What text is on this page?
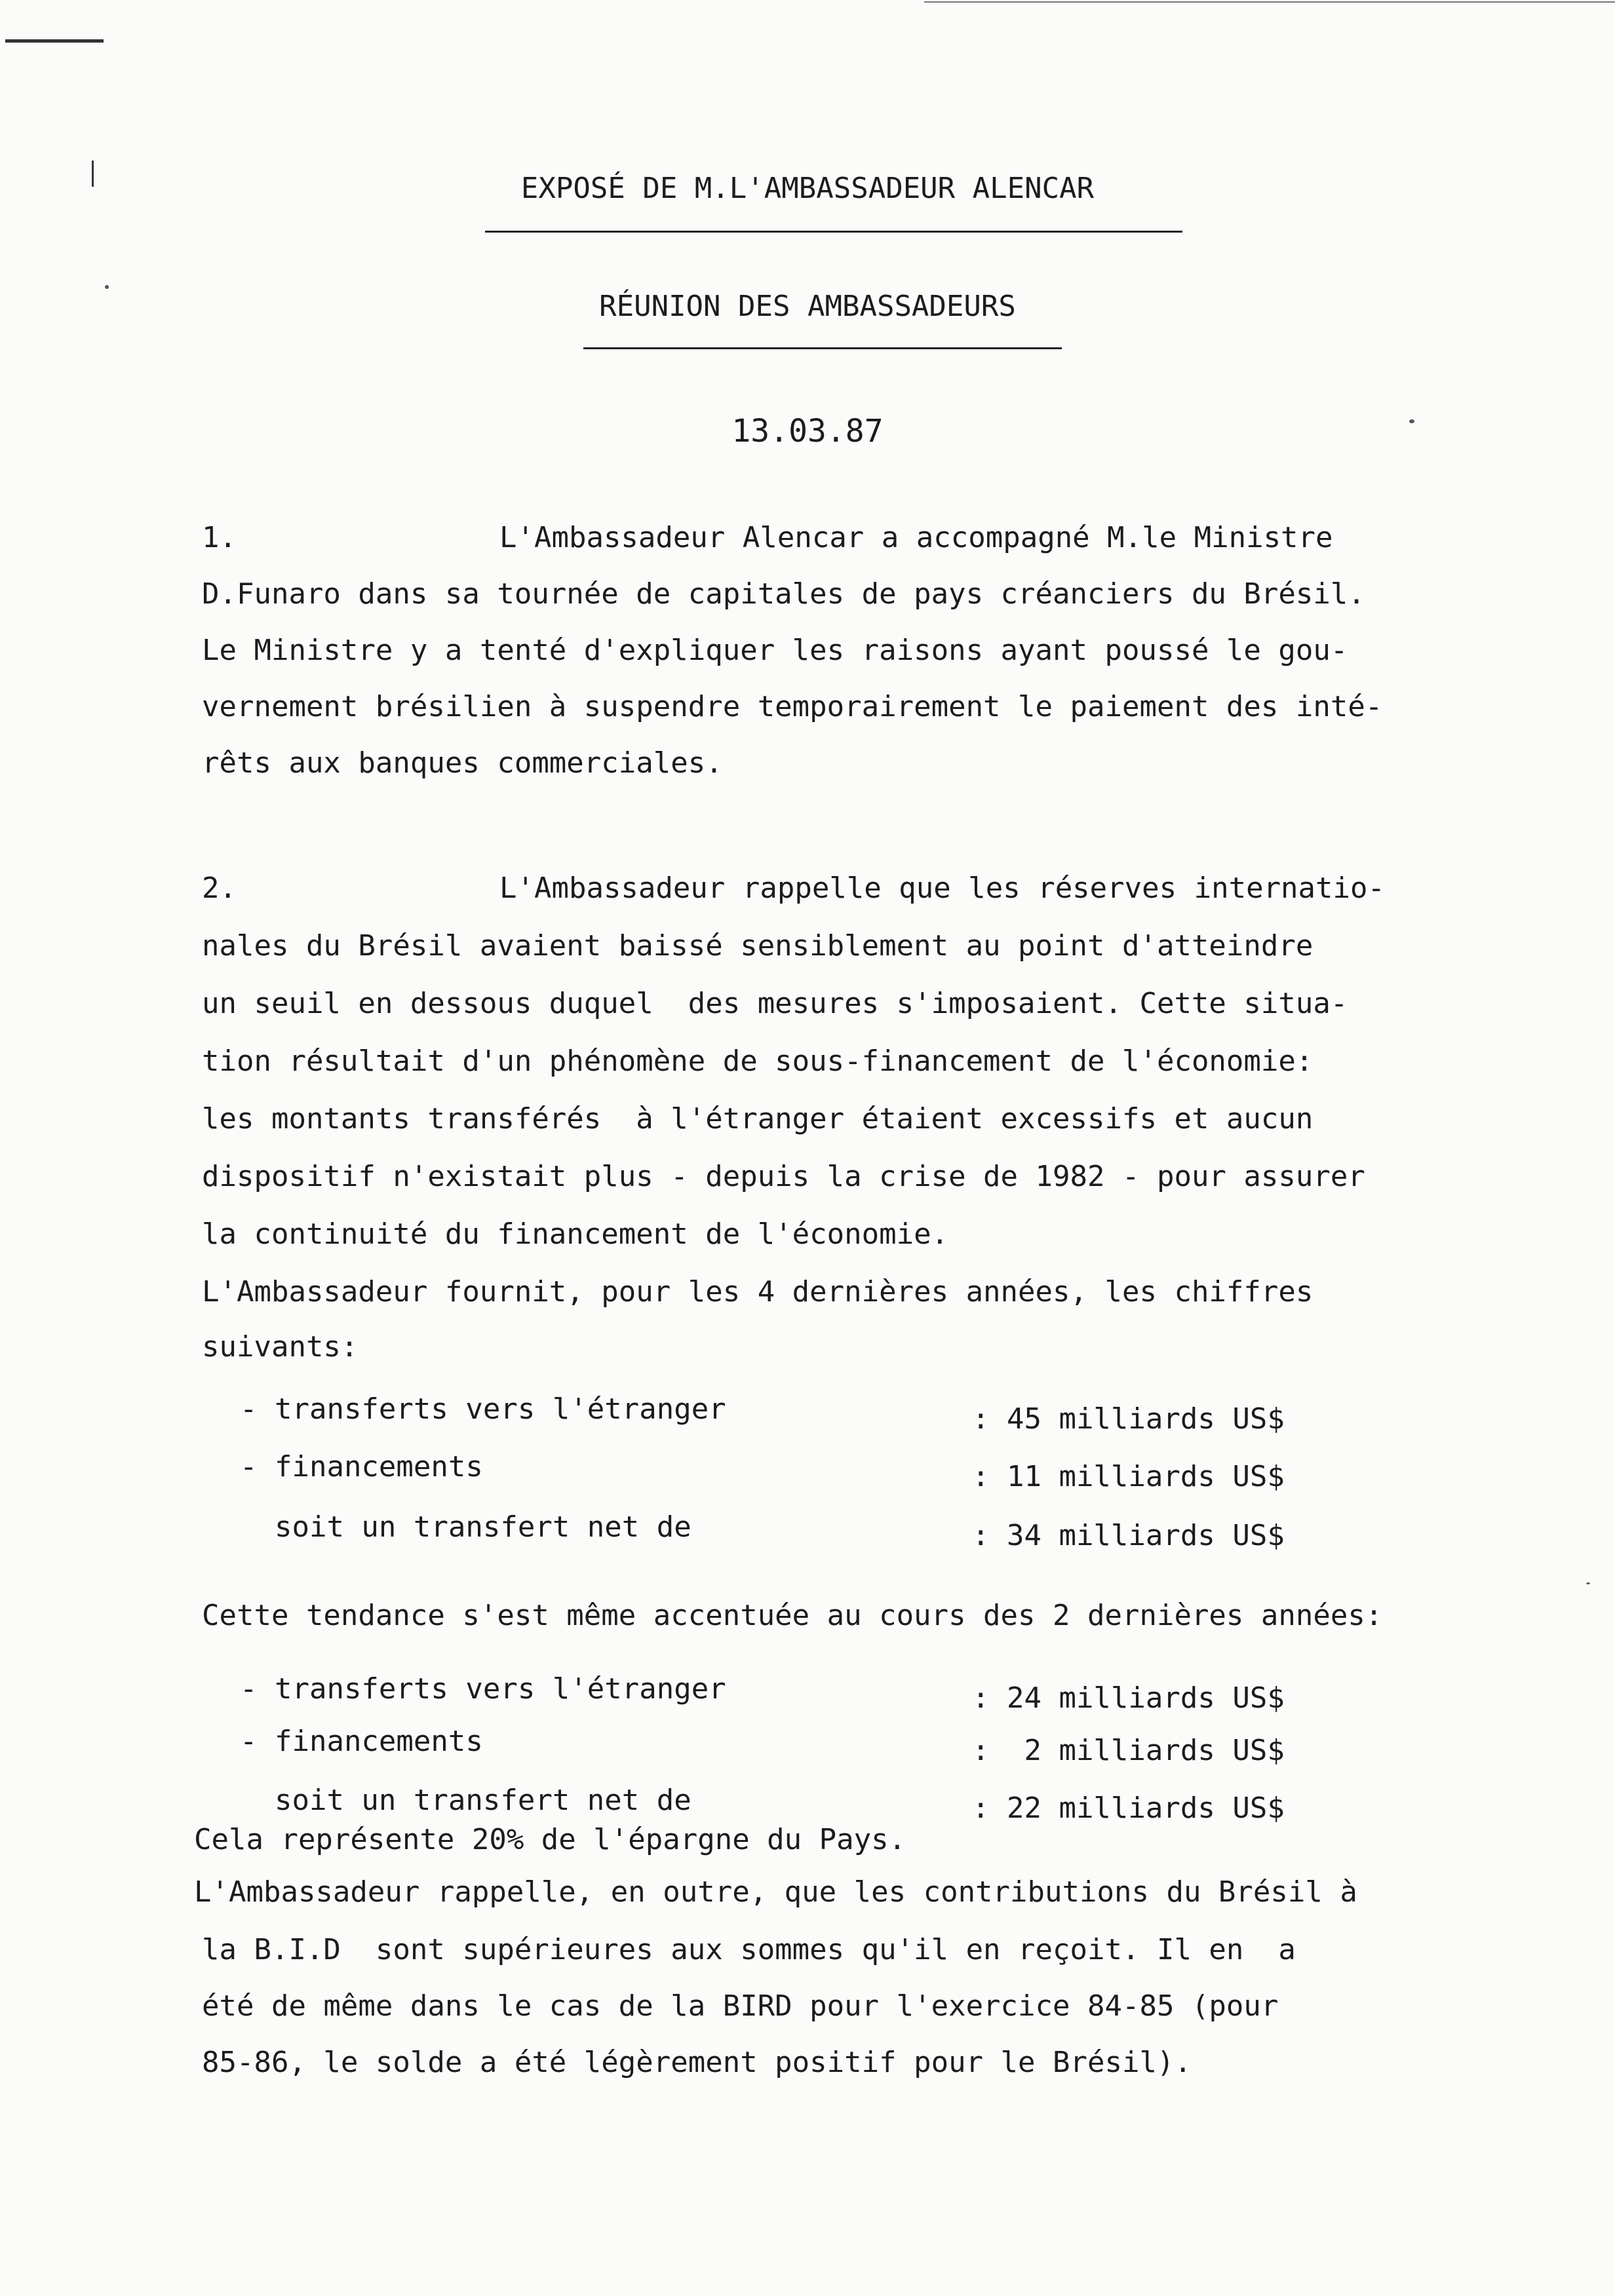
EXPOSÉ DE M.L'AMBASSADEUR ALENCAR
RÉUNION DES AMBASSADEURS
13.03.87
1.	L'Ambassadeur Alencar a accompagné M.le Ministre
D.Funaro dans sa tournée de capitales de pays créanciers du Brésil.
Le Ministre y a tenté d'expliquer les raisons ayant poussé le gou-
vernement brésilien à suspendre temporairement le paiement des inté-
rêts aux banques commerciales.
2.	L'Ambassadeur rappelle que les réserves internatio-
nales du Brésil avaient baissé sensiblement au point d'atteindre
un seuil en dessous duquel  des mesures s'imposaient. Cette situa-
tion résultait d'un phénomène de sous-financement de l'économie:
les montants transférés  à l'étranger étaient excessifs et aucun
dispositif n'existait plus - depuis la crise de 1982 - pour assurer
la continuité du financement de l'économie.
L'Ambassadeur fournit, pour les 4 dernières années, les chiffres
suivants:
- transferts vers l'étranger	: 45 milliards US$
- financements	: 11 milliards US$
soit un transfert net de	: 34 milliards US$
Cette tendance s'est même accentuée au cours des 2 dernières années:
- transferts vers l'étranger	: 24 milliards US$
- financements	:  2 milliards US$
soit un transfert net de	: 22 milliards US$
Cela représente 20% de l'épargne du Pays.
L'Ambassadeur rappelle, en outre, que les contributions du Brésil à
la B.I.D  sont supérieures aux sommes qu'il en reçoit. Il en  a
été de même dans le cas de la BIRD pour l'exercice 84-85 (pour
85-86, le solde a été légèrement positif pour le Brésil).
